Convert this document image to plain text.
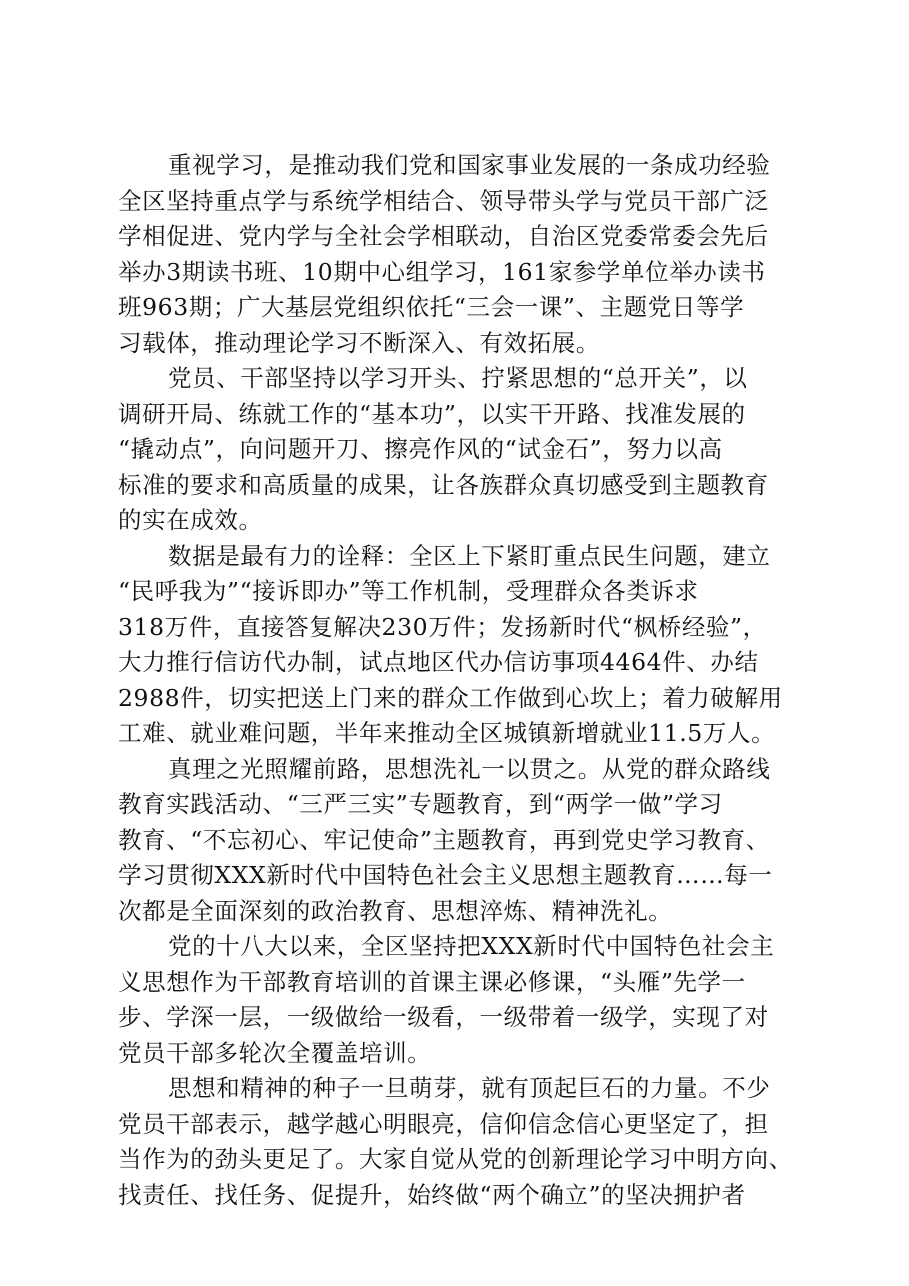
重视学习，是推动我们党和国家事业发展的一条成功经验
全区坚持重点学与系统学相结合、领导带头学与党员干部广泛
学相促进、党内学与全社会学相联动，自治区党委常委会先后
举办3期读书班、10期中心组学习，161家参学单位举办读书
班963期；广大基层党组织依托“三会一课”、主题党日等学
习载体，推动理论学习不断深入、有效拓展。
党员、干部坚持以学习开头、拧紧思想的“总开关”，以
调研开局、练就工作的“基本功”，以实干开路、找准发展的
“撬动点”，向问题开刀、擦亮作风的“试金石”，努力以高
标准的要求和高质量的成果，让各族群众真切感受到主题教育
的实在成效。
数据是最有力的诠释：全区上下紧盯重点民生问题，建立
“民呼我为”“接诉即办”等工作机制，受理群众各类诉求
318万件，直接答复解决230万件；发扬新时代“枫桥经验”，
大力推行信访代办制，试点地区代办信访事项4464件、办结
2988件，切实把送上门来的群众工作做到心坎上；着力破解用
工难、就业难问题，半年来推动全区城镇新增就业11.5万人。
真理之光照耀前路，思想洗礼一以贯之。从党的群众路线
教育实践活动、“三严三实”专题教育，到“两学一做”学习
教育、“不忘初心、牢记使命”主题教育，再到党史学习教育、
学习贯彻XXX新时代中国特色社会主义思想主题教育……每一
次都是全面深刻的政治教育、思想淬炼、精神洗礼。
党的十八大以来，全区坚持把XXX新时代中国特色社会主
义思想作为干部教育培训的首课主课必修课，“头雁”先学一
步、学深一层，一级做给一级看，一级带着一级学，实现了对
党员干部多轮次全覆盖培训。
思想和精神的种子一旦萌芽，就有顶起巨石的力量。不少
党员干部表示，越学越心明眼亮，信仰信念信心更坚定了，担
当作为的劲头更足了。大家自觉从党的创新理论学习中明方向、
找责任、找任务、促提升，始终做“两个确立”的坚决拥护者
